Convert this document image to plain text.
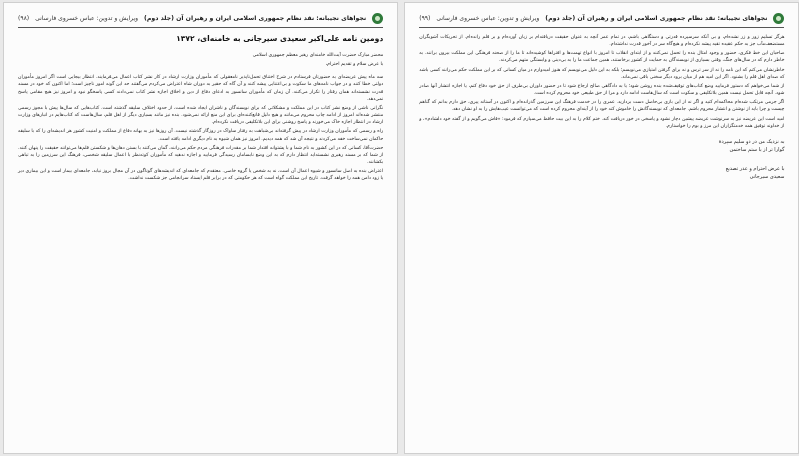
نجواهای نجیبانه: نقد نظام جمهوری اسلامی ایران و رهبران آن (جلد دوم)
ویرایش و تدوین: عباس خسروی فارسانی
(۹۸)
دومین نامه علی‌اکبر سعیدی سیرجانی به خامنه‌ای، ۱۳۷۲

محضر مبارک حضرت آیت‌الله خامنه‌ای رهبر معظم جمهوری اسلامی

با عرض سلام و تقدیم احترام،

سه ماه پیش عریضه‌ای به حضورتان فرستادم در شرح اختناق تحمل‌ناپذیر نامعقولی که مأموران وزارت ارشاد در کار نشر کتاب اعمال می‌فرمایند. انتظار بیجایی است اگر امروز مأموران دولتی خطا کنند و در جواب نامه‌های ما سکوت و بی‌اعتنایی پیشه کنند و آن گاه که حقیر به دوران شاه اعتراض می‌کردم می‌گفتند حد این گونه امور ناچیز است؛ اما اکنون که خود در مسند قدرت نشسته‌اند همان رفتار را تکرار می‌کنند. آن زمان که مأموران سانسور به ادعای دفاع از دین و اخلاق اجازه نشر کتاب نمی‌دادند کسی پاسخگو نبود و امروز نیز هیچ مقامی پاسخ نمی‌دهد.

نگرانی ناشی از وضع نشر کتاب در این مملکت و مشکلاتی که برای نویسندگان و ناشران ایجاد شده است، از حدود اختلاف سلیقه گذشته است. کتاب‌هایی که سال‌ها پیش با مجوز رسمی منتشر شده‌اند امروز از ادامه چاپ محروم می‌مانند و هیچ دلیل قانع‌کننده‌ای برای این منع ارائه نمی‌شود. بنده نیز مانند بسیاری دیگر از اهل قلم، سال‌هاست که کتاب‌هایم در انبارهای وزارت ارشاد در انتظار اجازه خاک می‌خورند و پاسخ روشنی برای این بلاتکلیفی دریافت نکرده‌ام.

راه و رسمی که مأموران وزارت ارشاد در پیش گرفته‌اند بی‌شباهت به رفتار ساواک در روزگار گذشته نیست. آن روزها نیز به بهانه دفاع از مملکت و امنیت کشور هر اندیشه‌ای را که با سلیقه حاکمان نمی‌ساخت خفه می‌کردند و نتیجه آن شد که همه دیدیم. امروز نیز همان شیوه به نام دیگری ادامه یافته است.

حضرت‌آقا، کسانی که در این کشور به نام شما و با پشتوانه اقتدار شما بر مقدرات فرهنگی مردم حکم می‌رانند، گمان می‌کنند با بستن دهان‌ها و شکستن قلم‌ها می‌توانند حقیقت را پنهان کنند. از شما که بر مسند رهبری نشسته‌اید انتظار دارم که به این وضع نابسامان رسیدگی فرمایید و اجازه ندهید که مأموران کوته‌نظر با اعمال سلیقه شخصی، فرهنگ این سرزمین را به تباهی بکشانند.

اعتراض بنده به اصل سانسور و شیوه اعمال آن است، نه به شخص یا گروه خاصی. معتقدم که جامعه‌ای که اندیشه‌های گوناگون در آن مجال بروز نیابد، جامعه‌ای بیمار است و این بیماری دیر یا زود دامن همه را خواهد گرفت. تاریخ این مملکت گواه است که هر حکومتی که در برابر قلم ایستاد سرانجامی جز شکست نداشت.

نجواهای نجیبانه: نقد نظام جمهوری اسلامی ایران و رهبران آن (جلد دوم)
ویرایش و تدوین: عباس خسروی فارسانی
(۹۹)

هرگز تسلیم زور و زر نشده‌ام، و بی آنکه سرسپرده قدرتی و دستگاهی باشم، در تمام عمر آنچه به عنوان حقیقت دریافته‌ام بر زبان آورده‌ام و بر قلم رانده‌ام. از تحریکات آشوبگران مستضعف‌مآب جز به حکم عقیده تقیه پیشه نکرده‌ام و هیچ‌گاه سر در آخور قدرت نداشته‌ام.

صاحبان این خط فکری، حضور و وجود امثال بنده را تحمل نمی‌کنند و از ابتدای انقلاب تا امروز با انواع تهمت‌ها و افتراها کوشیده‌اند تا ما را از صحنه فرهنگی این مملکت بیرون برانند. به خاطر دارم که در سال‌های جنگ، وقتی بسیاری از نویسندگان به حمایت از کشور برخاستند، همین جماعت ما را به بی‌دینی و وابستگی متهم می‌کردند.

خاطرنشان می‌کنم که این نامه را نه از سر ترس و نه برای گرفتن امتیازی می‌نویسم؛ بلکه به این دلیل می‌نویسم که هنوز امیدوارم در میان کسانی که بر این مملکت حکم می‌رانند کسی باشد که صدای اهل قلم را بشنود. اگر این امید هم از میان برود دیگر سخنی باقی نمی‌ماند.

از شما می‌خواهم که دستور فرمایید وضع کتاب‌های توقیف‌شده بنده روشن شود؛ یا به دادگاهی صالح ارجاع شود تا در حضور داوران بی‌طرف از حق خود دفاع کنم، یا اجازه انتشار آنها صادر شود. آنچه قابل تحمل نیست همین بلاتکلیفی و سکوت است که سال‌هاست ادامه دارد و مرا از حق طبیعی خود محروم کرده است.

اگر جرمی مرتکب شده‌ام محاکمه‌ام کنید و اگر نه از این بازی بی‌حاصل دست بردارید. عمری را در خدمت فرهنگ این سرزمین گذرانده‌ام و اکنون در آستانه پیری، حق دارم بدانم که گناهم چیست و چرا باید از نوشتن و انتشار محروم باشم. جامعه‌ای که نویسندگانش را خاموش کند خود را از آینه‌ای محروم کرده است که می‌توانست عیب‌هایش را به او نشان دهد.

امید است این عریضه نیز به سرنوشت عریضه پیشین دچار نشود و پاسخی در خور دریافت کند. ختم کلام را به این بیت حافظ می‌سپارم که فرمود: «فاش می‌گویم و از گفته خود دلشادم»، و از خداوند توفیق همه خدمتگزاران این مرز و بوم را خواستارم.

به نزدیک من در دو سلیم سپردهٔ
گوارا تر از با ستم ساختمن
با عرض احترام و عذر تصدیع
سعیدی سیرجانی
